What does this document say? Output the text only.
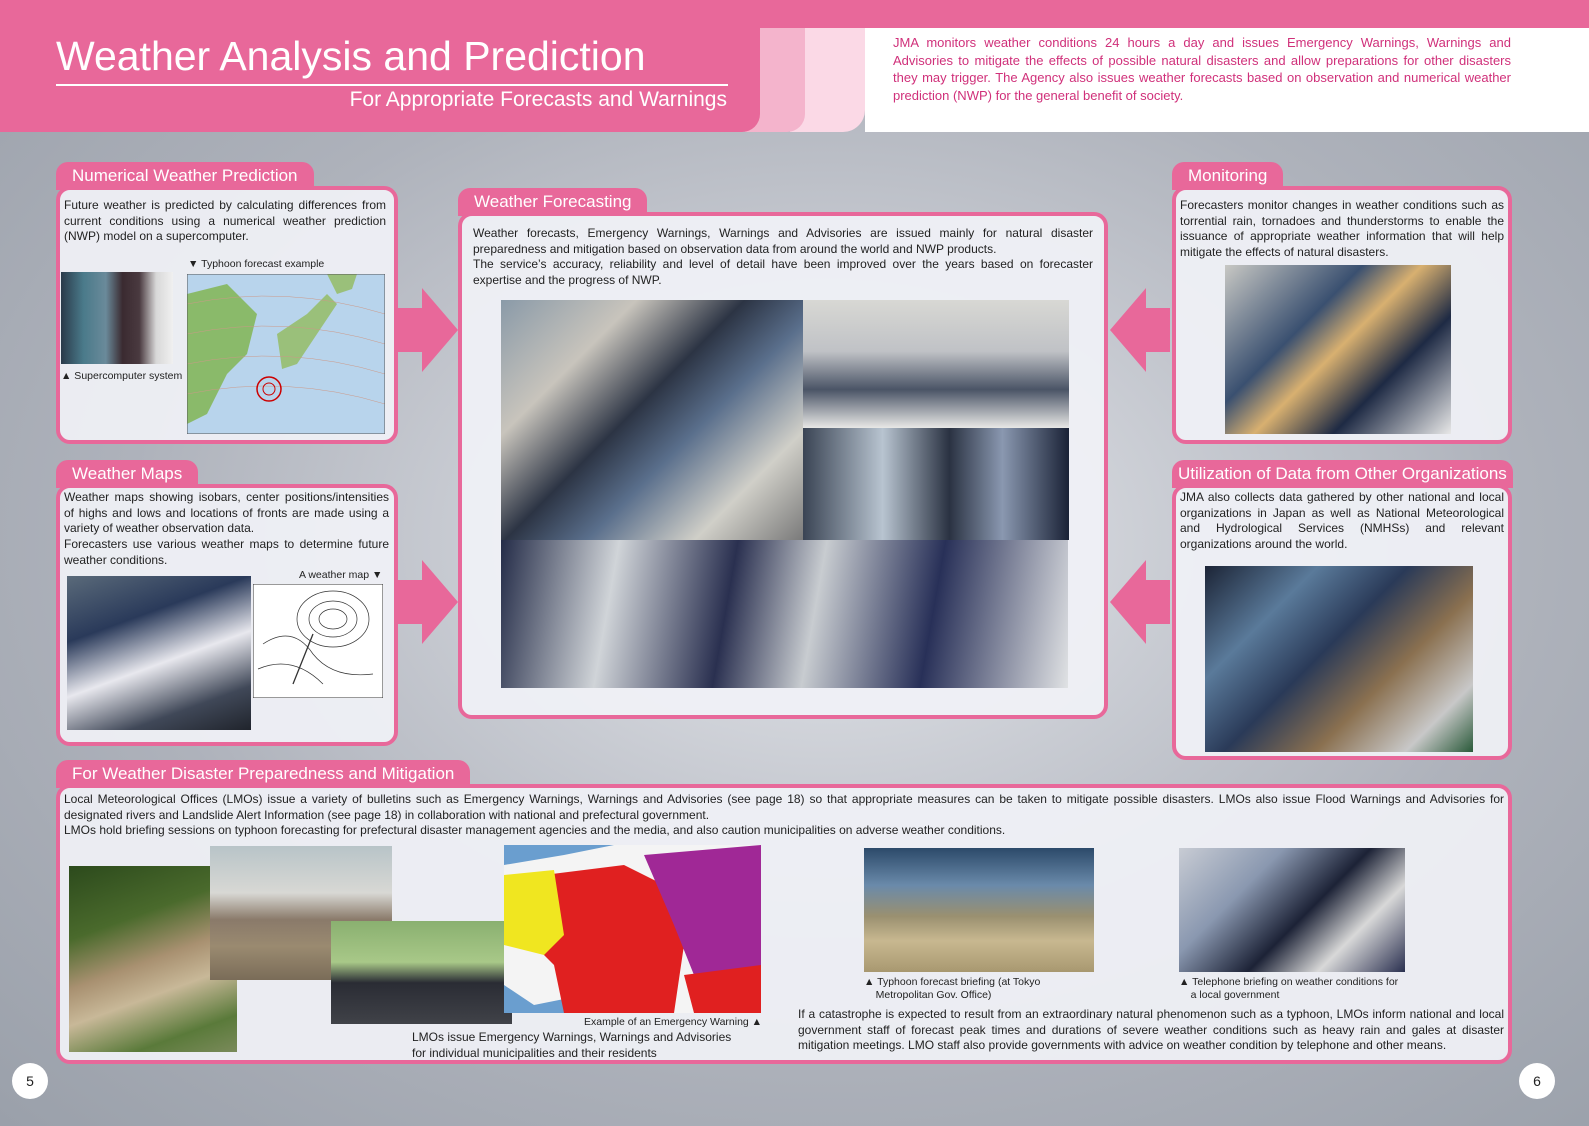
Weather Analysis and Prediction
For Appropriate Forecasts and Warnings
JMA monitors weather conditions 24 hours a day and issues Emergency Warnings, Warnings and Advisories to mitigate the effects of possible natural disasters and allow preparations for other disasters they may trigger. The Agency also issues weather forecasts based on observation and numerical weather prediction (NWP) for the general benefit of society.
Numerical Weather Prediction
Future weather is predicted by calculating differences from current conditions using a numerical weather prediction (NWP) model on a supercomputer.
▼ Typhoon forecast example
▲ Supercomputer system
Weather Maps
Weather maps showing isobars, center positions/intensities of highs and lows and locations of fronts are made using a variety of weather observation data.
Forecasters use various weather maps to determine future weather conditions.
A weather map ▼
Weather Forecasting
Weather forecasts, Emergency Warnings, Warnings and Advisories are issued mainly for natural disaster preparedness and mitigation based on observation data from around the world and NWP products.
The service’s accuracy, reliability and level of detail have been improved over the years based on forecaster expertise and the progress of NWP.
Monitoring
Forecasters monitor changes in weather conditions such as torrential rain, tornadoes and thunderstorms to enable the issuance of appropriate weather information that will help mitigate the effects of natural disasters.
Utilization of Data from Other Organizations
JMA also collects data gathered by other national and local organizations in Japan as well as National Meteorological and Hydrological Services (NMHSs) and relevant organizations around the world.
For Weather Disaster Preparedness and Mitigation
Local Meteorological Offices (LMOs) issue a variety of bulletins such as Emergency Warnings, Warnings and Advisories (see page 18) so that appropriate measures can be taken to mitigate possible disasters. LMOs also issue Flood Warnings and Advisories for designated rivers and Landslide Alert Information (see page 18) in collaboration with national and prefectural government.
LMOs hold briefing sessions on typhoon forecasting for prefectural disaster management agencies and the media, and also caution municipalities on adverse weather conditions.
Example of an Emergency Warning ▲
LMOs issue Emergency Warnings, Warnings and Advisories
for individual municipalities and their residents
▲ Typhoon forecast briefing (at Tokyo
Metropolitan Gov. Office)
▲ Telephone briefing on weather conditions for
a local government
If a catastrophe is expected to result from an extraordinary natural phenomenon such as a typhoon, LMOs inform national and local government staff of forecast peak times and durations of severe weather conditions such as heavy rain and gales at disaster mitigation meetings. LMO staff also provide governments with advice on weather condition by telephone and other means.
5	6
